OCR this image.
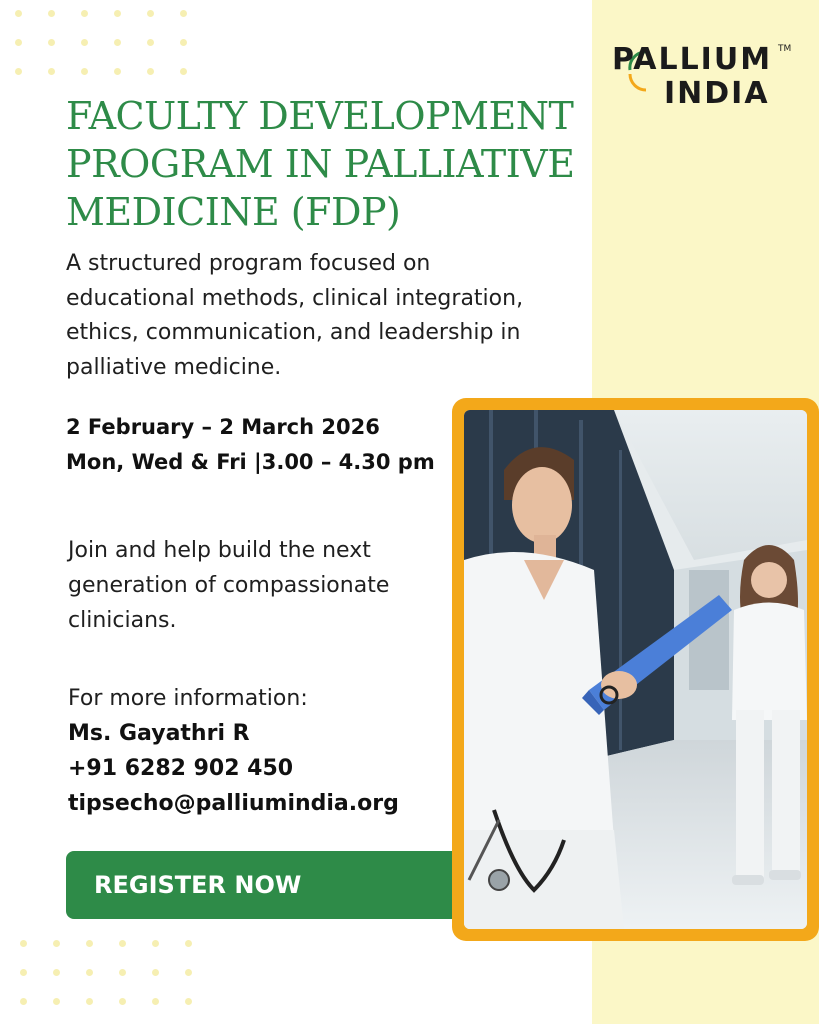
PALLIUM
INDIA
TM
FACULTY DEVELOPMENT PROGRAM IN PALLIATIVE MEDICINE (FDP)

A structured program focused on educational methods, clinical integration, ethics, communication, and leadership in palliative medicine.

2 February – 2 March 2026
Mon, Wed & Fri |3.00 – 4.30 pm

Join and help build the next generation of compassionate clinicians.

For more information:
Ms. Gayathri R
+91 6282 902 450
tipsecho@palliumindia.org
REGISTER NOW
